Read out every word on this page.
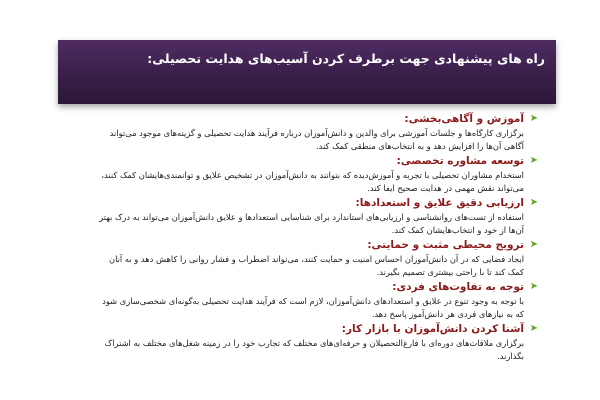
راه های پیشنهادی جهت برطرف کردن آسیب‌های هدایت تحصیلی:
➤
آموزش و آگاهی‌بخشی:

برگزاری کارگاه‌ها و جلسات آموزشی برای والدین و دانش‌آموزان درباره فرآیند هدایت تحصیلی و گزینه‌های موجود می‌تواند آگاهی آن‌ها را افزایش دهد و به انتخاب‌های منطقی کمک کند.

➤
توسعه مشاوره تخصصی:

استخدام مشاوران تحصیلی با تجربه و آموزش‌دیده که بتوانند به دانش‌آموزان در تشخیص علایق و توانمندی‌هایشان کمک کنند، می‌تواند نقش مهمی در هدایت صحیح ایفا کند.

➤
ارزیابی دقیق علایق و استعدادها:

استفاده از تست‌های روانشناسی و ارزیابی‌های استاندارد برای شناسایی استعدادها و علایق دانش‌آموزان می‌تواند به درک بهتر آن‌ها از خود و انتخاب‌هایشان کمک کند.

➤
ترویج محیطی مثبت و حمایتی:

ایجاد فضایی که در آن دانش‌آموزان احساس امنیت و حمایت کنند، می‌تواند اضطراب و فشار روانی را کاهش دهد و به آنان کمک کند تا با راحتی بیشتری تصمیم بگیرند.

➤
توجه به تفاوت‌های فردی:

با توجه به وجود تنوع در علایق و استعدادهای دانش‌آموزان، لازم است که فرآیند هدایت تحصیلی به‌گونه‌ای شخصی‌سازی شود که به نیازهای فردی هر دانش‌آموز پاسخ دهد.

➤
آشنا کردن دانش‌آموزان با بازار کار:

برگزاری ملاقات‌های دوره‌ای با فارغ‌التحصیلان و حرفه‌ای‌های مختلف که تجارب خود را در زمینه شغل‌های مختلف به اشتراک بگذارند.
